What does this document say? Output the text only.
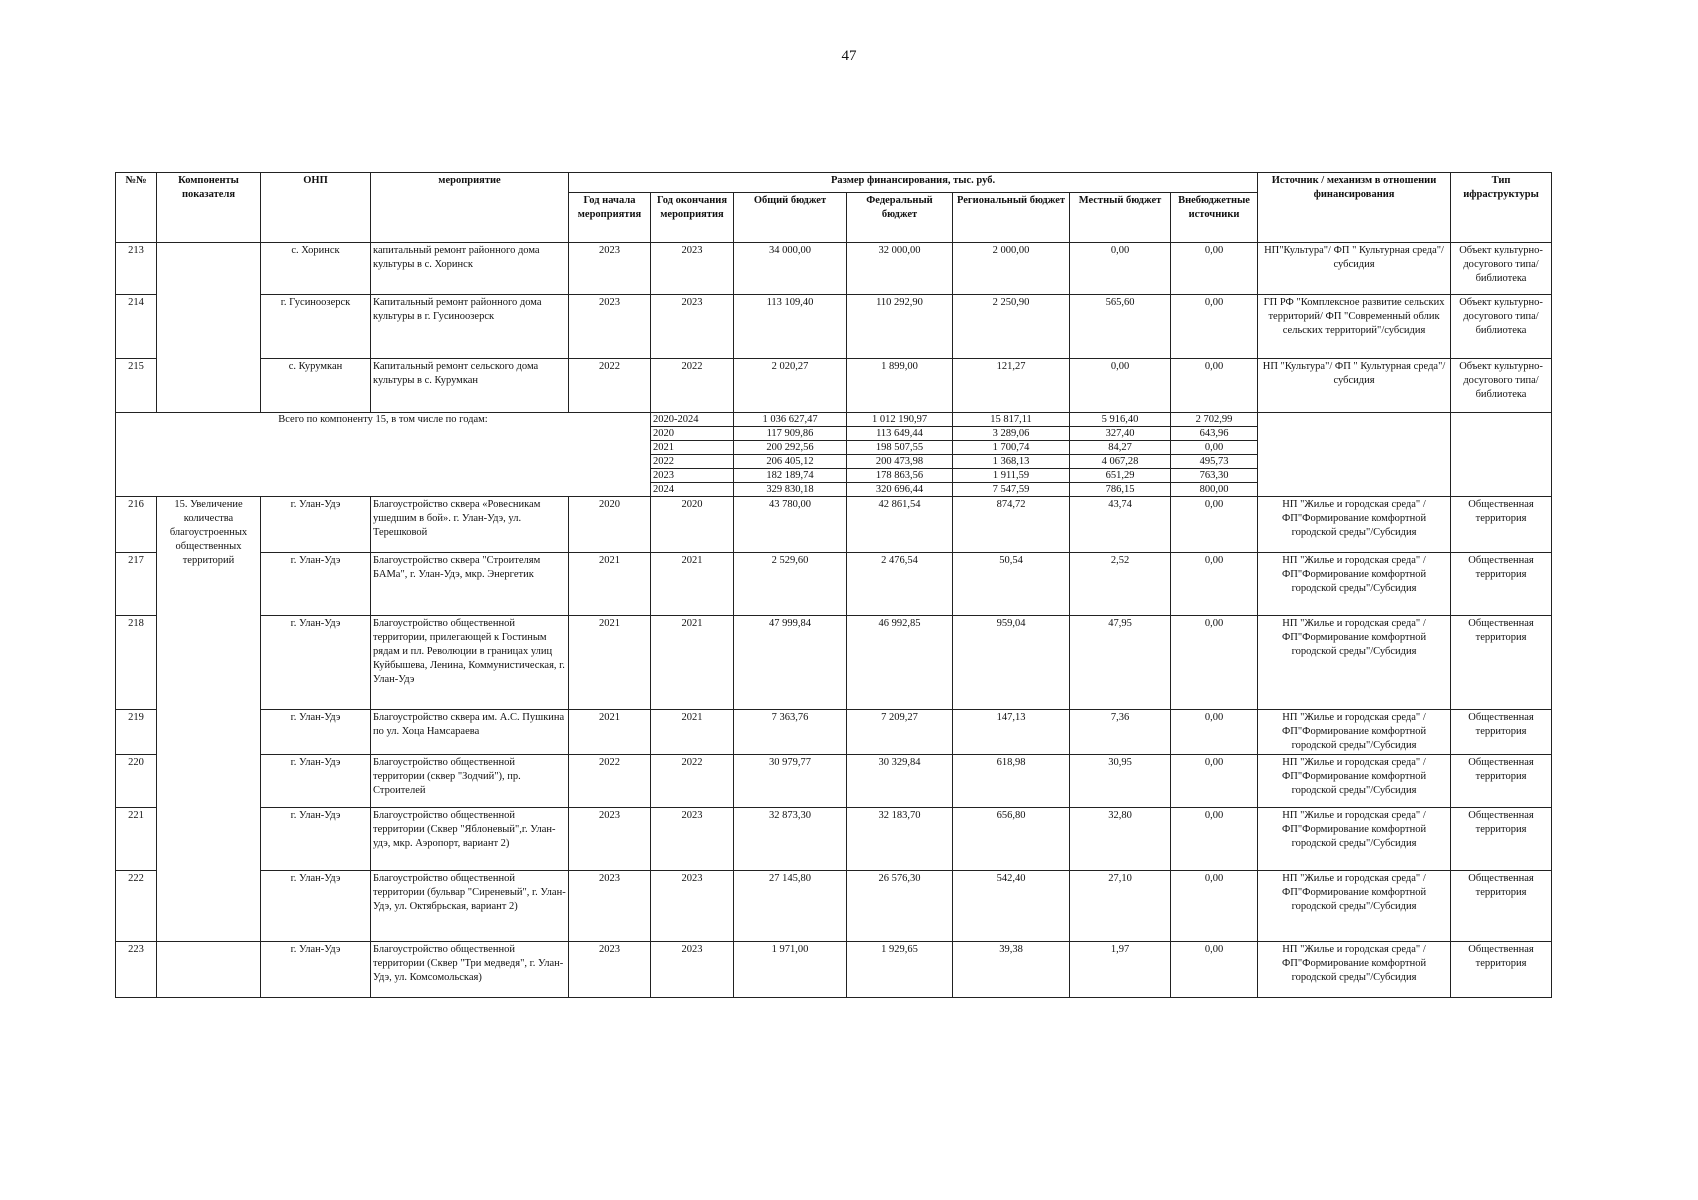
47
№№	Компоненты показателя	ОНП	мероприятие	Размер финансирования, тыс. руб.							Источник / механизм в отношении финансирования	Тип ифраструктуры
				Год начала мероприятия	Год окончания мероприятия	Общий бюджет	Федеральный бюджет	Региональный бюджет	Местный бюджет	Внебюджетные источники		
213		с. Хоринск	капитальный ремонт районного дома культуры в с. Хоринск	2023	2023	34 000,00	32 000,00	2 000,00	0,00	0,00	НП"Культура"/ ФП " Культурная среда"/субсидия	Объект культурно-досугового типа/библиотека
214		г. Гусиноозерск	Капитальный ремонт районного дома культуры в г. Гусиноозерск	2023	2023	113 109,40	110 292,90	2 250,90	565,60	0,00	ГП РФ "Комплексное развитие сельских территорий/ ФП "Современный облик сельских территорий"/субсидия	Объект культурно-досугового типа/библиотека
215		с. Курумкан	Капитальный ремонт сельского дома культуры в с. Курумкан	2022	2022	2 020,27	1 899,00	121,27	0,00	0,00	НП "Культура"/ ФП " Культурная среда"/субсидия	Объект культурно-досугового типа/библиотека
Всего по компоненту 15, в том числе по годам:					2020-2024	1 036 627,47	1 012 190,97	15 817,11	5 916,40	2 702,99		
					2020	117 909,86	113 649,44	3 289,06	327,40	643,96		
					2021	200 292,56	198 507,55	1 700,74	84,27	0,00		
					2022	206 405,12	200 473,98	1 368,13	4 067,28	495,73		
					2023	182 189,74	178 863,56	1 911,59	651,29	763,30		
					2024	329 830,18	320 696,44	7 547,59	786,15	800,00		
216	15. Увеличение количества благоустроенных общественных территорий	г. Улан-Удэ	Благоустройство сквера «Ровесникам ушедшим в бой». г. Улан-Удэ, ул. Терешковой	2020	2020	43 780,00	42 861,54	874,72	43,74	0,00	НП "Жилье и городская среда" /ФП"Формирование комфортной городской среды"/Субсидия	Общественная территория
217		г. Улан-Удэ	Благоустройство сквера "Строителям БАМа", г. Улан-Удэ, мкр. Энергетик	2021	2021	2 529,60	2 476,54	50,54	2,52	0,00	НП "Жилье и городская среда" /ФП"Формирование комфортной городской среды"/Субсидия	Общественная территория
218		г. Улан-Удэ	Благоустройство общественной территории, прилегающей к Гостиным рядам и пл. Революции в границах улиц Куйбышева, Ленина, Коммунистическая, г. Улан-Удэ	2021	2021	47 999,84	46 992,85	959,04	47,95	0,00	НП "Жилье и городская среда" /ФП"Формирование комфортной городской среды"/Субсидия	Общественная территория
219		г. Улан-Удэ	Благоустройство сквера им. А.С. Пушкина по ул. Хоца Намсараева	2021	2021	7 363,76	7 209,27	147,13	7,36	0,00	НП "Жилье и городская среда" /ФП"Формирование комфортной городской среды"/Субсидия	Общественная территория
220		г. Улан-Удэ	Благоустройство общественной территории (сквер "Зодчий"), пр. Строителей	2022	2022	30 979,77	30 329,84	618,98	30,95	0,00	НП "Жилье и городская среда" /ФП"Формирование комфортной городской среды"/Субсидия	Общественная территория
221		г. Улан-Удэ	Благоустройство общественной территории (Сквер "Яблоневый",г. Улан-удэ, мкр. Аэропорт, вариант 2)	2023	2023	32 873,30	32 183,70	656,80	32,80	0,00	НП "Жилье и городская среда" /ФП"Формирование комфортной городской среды"/Субсидия	Общественная территория
222		г. Улан-Удэ	Благоустройство общественной территории (бульвар "Сиреневый", г. Улан-Удэ, ул. Октябрьская, вариант 2)	2023	2023	27 145,80	26 576,30	542,40	27,10	0,00	НП "Жилье и городская среда" /ФП"Формирование комфортной городской среды"/Субсидия	Общественная территория
223		г. Улан-Удэ	Благоустройство общественной территории (Сквер "Три медведя", г. Улан-Удэ, ул. Комсомольская)	2023	2023	1 971,00	1 929,65	39,38	1,97	0,00	НП "Жилье и городская среда" /ФП"Формирование комфортной городской среды"/Субсидия	Общественная территория
